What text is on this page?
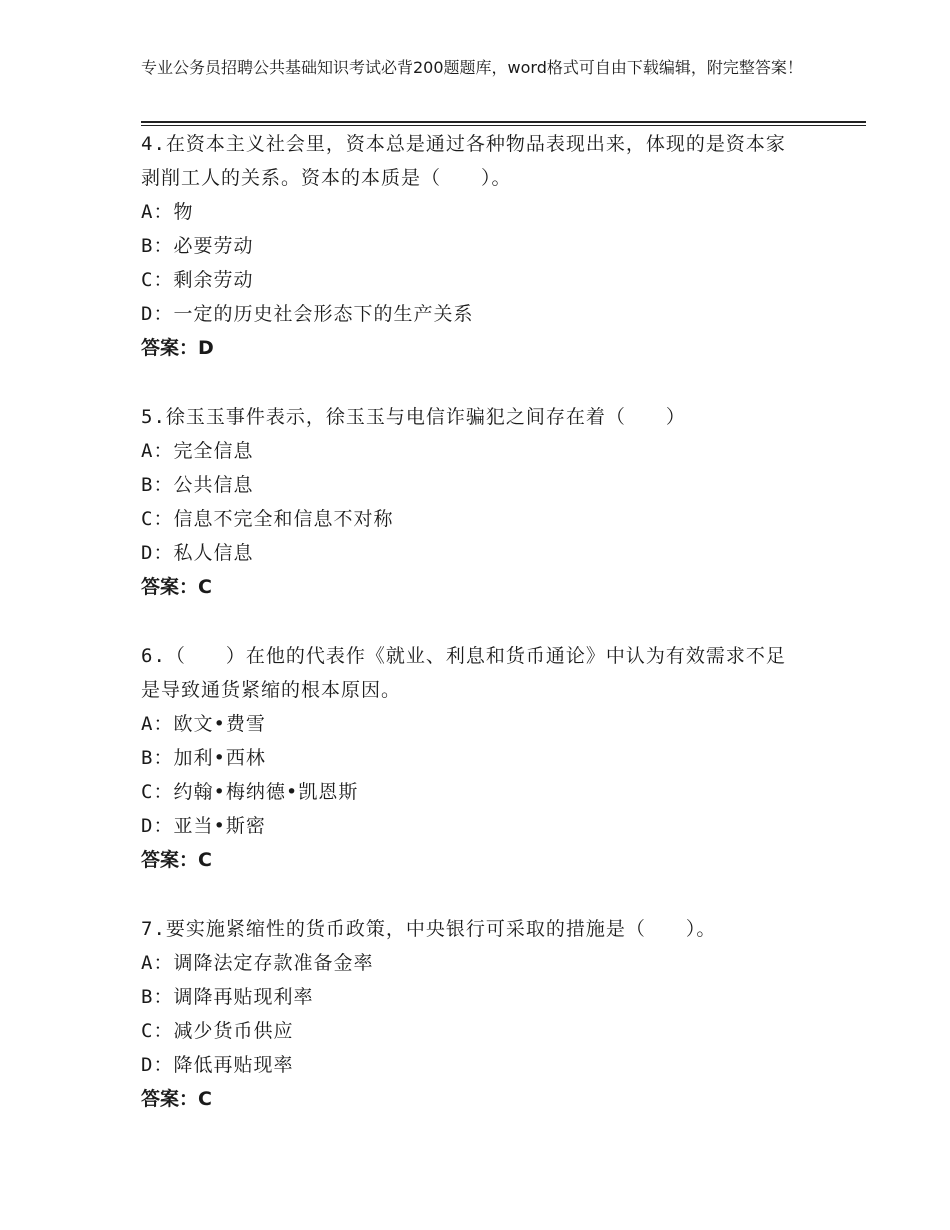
专业公务员招聘公共基础知识考试必背200题题库，word格式可自由下载编辑，附完整答案！

4.在资本主义社会里，资本总是通过各种物品表现出来，体现的是资本家剥削工人的关系。资本的本质是（　　）。

A：物

B：必要劳动

C：剩余劳动

D：一定的历史社会形态下的生产关系

答案：D

5.徐玉玉事件表示，徐玉玉与电信诈骗犯之间存在着（　　）

A：完全信息

B：公共信息

C：信息不完全和信息不对称

D：私人信息

答案：C

6.（　　）在他的代表作《就业、利息和货币通论》中认为有效需求不足是导致通货紧缩的根本原因。

A：欧文•费雪

B：加利•西林

C：约翰•梅纳德•凯恩斯

D：亚当•斯密

答案：C

7.要实施紧缩性的货币政策，中央银行可采取的措施是（　　）。

A：调降法定存款准备金率

B：调降再贴现利率

C：减少货币供应

D：降低再贴现率

答案：C
